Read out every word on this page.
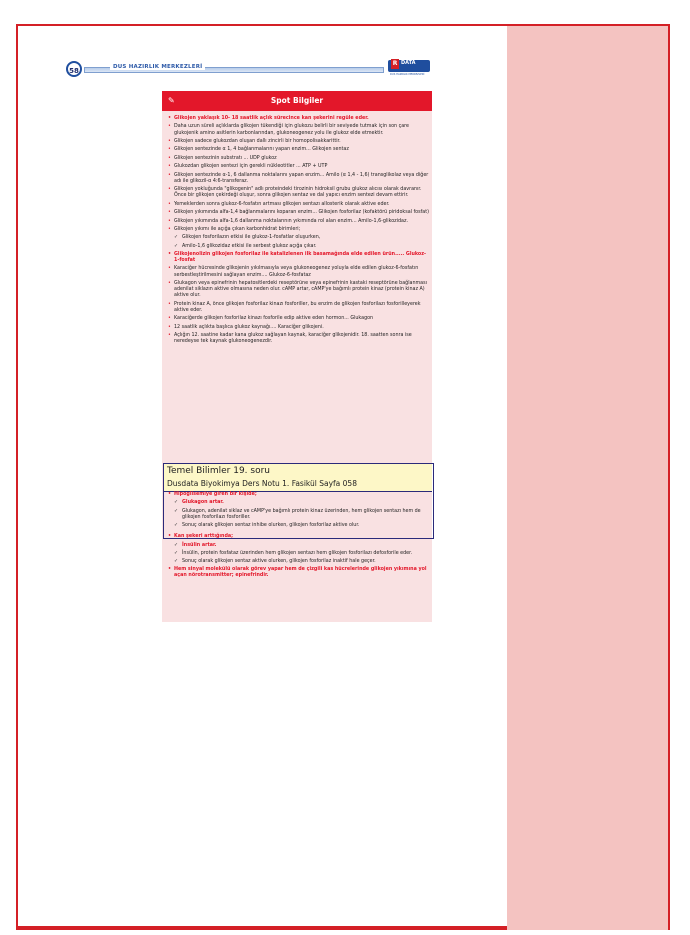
58	DUS HAZIRLIK MERKEZLERİ	R DATA
DUS HAZIRLIK MERKEZLERİ
✎	Spot Bilgiler
• Glikojen yaklaşık 10- 18 saatlik açlık sürecince kan şekerini regüle eder.
• Daha uzun süreli açlıklarda glikojen tükendiği için glukozu belirli bir seviyede tutmak için son çare glukojenik amino asitlerin karbonlarından, glukoneogenez yolu ile glukoz elde etmektir.
• Glikojen sadece glukozdan oluşan dallı zincirli bir homopolisakkarittir.
• Glikojen sentezinde α 1, 4 bağlanmalarını yapan enzim... Glikojen sentaz
• Glikojen sentezinin substratı ... UDP glukoz
• Glukozdan glikojen sentezi için gerekli nükleotitler ... ATP + UTP
• Glikojen sentezinde α-1, 6 dallanma noktalarını yapan enzim... Amilo (α 1,4 - 1,6) transglikolaz veya diğer adı ile glikozil-α 4:6-transferaz.
• Glikojen yokluğunda "glikogenin" adlı proteindeki tirozinin hidroksil grubu glukoz alıcısı olarak davranır. Önce bir glikojen çekirdeği oluşur, sonra glikojen sentaz ve dal yapıcı enzim sentezi devam ettirir.
• Yemeklerden sonra glukoz-6-fosfatın artması glikojen sentazı allosterik olarak aktive eder.
• Glikojen yıkımında alfa-1,4 bağlanmalarını koparan enzim... Glikojen fosforilaz (kofaktörü piridoksal fosfat)
• Glikojen yıkımında alfa-1,6 dallanma noktalarının yıkımında rol alan enzim... Amilo-1,6-glikozidaz.
• Glikojen yıkımı ile açığa çıkan karbonhidrat birimleri;
✓ Glikojen fosforilazın etkisi ile glukoz-1-fosfatlar oluşurken,
✓ Amilo-1,6 glikozidaz etkisi ile serbest glukoz açığa çıkar.
• Glikojenolizin glikojen fosforilaz ile katalizlenen ilk basamağında elde edilen ürün..... Glukoz-1-fosfat
• Karaciğer hücresinde glikojenin yıkılmasıyla veya glukoneogenez yoluyla elde edilen glukoz-6-fosfatın serbestleştirilmesini sağlayan enzim.... Glukoz-6-fosfataz
• Glukagon veya epinefrinin hepatositlerdeki reseptörüne veya epinefrinin kastaki reseptörüne bağlanması adenilat siklazın aktive olmasına neden olur. cAMP artar, cAMP'ye bağımlı protein kinaz (protein kinaz A) aktive olur.
• Protein kinaz A, önce glikojen fosforilaz kinazı fosforiller, bu enzim de glikojen fosforilazı fosforilleyerek aktive eder.
• Karaciğerde glikojen fosforilaz kinazı fosforile edip aktive eden hormon... Glukagon
• 12 saatlik açlıkta başlıca glukoz kaynağı.... Karaciğer glikojeni.
• Açlığın 12. saatine kadar kana glukoz sağlayan kaynak, karaciğer glikojenidir. 18. saatten sonra ise neredeyse tek kaynak glukoneogenezdir.
Temel Bilimler 19. soru
Dusdata Biyokimya Ders Notu 1. Fasikül Sayfa 058
• Hipoglisemiye giren bir kişide;
✓ Glukagon artar.
✓ Glukagon, adenilat siklaz ve cAMP'ye bağımlı protein kinaz üzerinden, hem glikojen sentazı hem de glikojen fosforilazı fosforiller.
✓ Sonuç olarak glikojen sentaz inhibe olurken, glikojen fosforilaz aktive olur.
• Kan şekeri arttığında;
✓ İnsülin artar.
✓ İnsülin, protein fosfataz üzerinden hem glikojen sentazı hem glikojen fosforilazı defosforile eder.
✓ Sonuç olarak glikojen sentaz aktive olurken, glikojen fosforilaz inaktif hale geçer.
• Hem sinyal molekülü olarak görev yapar hem de çizgili kas hücrelerinde glikojen yıkımına yol açan nörotransmitter; epinefrindir.
